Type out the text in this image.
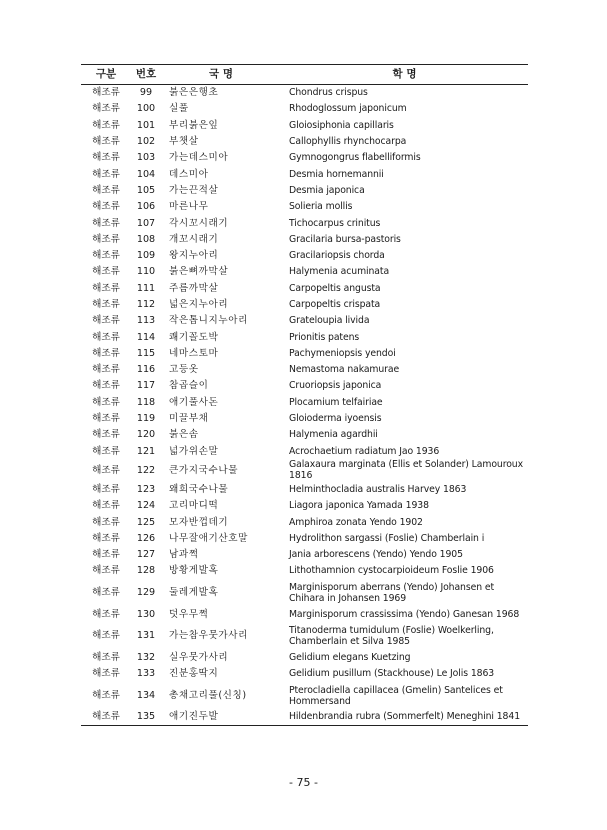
구분	번호	국 명	학 명
해조류	99	붉은은행초	Chondrus crispus
해조류	100	실풀	Rhodoglossum japonicum
해조류	101	부리붉은잎	Gloiosiphonia capillaris
해조류	102	부챗살	Callophyllis rhynchocarpa
해조류	103	가는데스미아	Gymnogongrus flabelliformis
해조류	104	데스미아	Desmia hornemannii
해조류	105	가는끈적살	Desmia japonica
해조류	106	마른나무	Solieria mollis
해조류	107	각시꼬시래기	Tichocarpus crinitus
해조류	108	개꼬시래기	Gracilaria bursa-pastoris
해조류	109	왕지누아리	Gracilariopsis chorda
해조류	110	붉은뼈까막살	Halymenia acuminata
해조류	111	주름까막살	Carpopeltis angusta
해조류	112	넓은지누아리	Carpopeltis crispata
해조류	113	작은톱니지누아리	Grateloupia livida
해조류	114	쾌기꼴도박	Prionitis patens
해조류	115	네마스토마	Pachymeniopsis yendoi
해조류	116	고등옷	Nemastoma nakamurae
해조류	117	참곱슬이	Cruoriopsis japonica
해조류	118	애기풀사돈	Plocamium telfairiae
해조류	119	미끌부채	Gloioderma iyoensis
해조류	120	붉은솜	Halymenia agardhii
해조류	121	넓가위손말	Acrochaetium radiatum Jao 1936
해조류	122	큰가지국수나물	Galaxaura marginata (Ellis et Solander) Lamouroux 1816
해조류	123	왜희국수나물	Helminthocladia australis Harvey 1863
해조류	124	고리마디떡	Liagora japonica Yamada 1938
해조류	125	모자반껍데기	Amphiroa zonata Yendo 1902
해조류	126	나무잘애기산호말	Hydrolithon sargassi (Foslie) Chamberlain i
해조류	127	남과쩍	Jania arborescens (Yendo) Yendo 1905
해조류	128	방황게발혹	Lithothamnion cystocarpioideum Foslie 1906
해조류	129	둘레게발혹	Marginisporum aberrans (Yendo) Johansen et Chihara in Johansen 1969
해조류	130	덧우무쩍	Marginisporum crassissima (Yendo) Ganesan 1968
해조류	131	가는참우뭇가사리	Titanoderma tumidulum (Foslie) Woelkerling, Chamberlain et Silva 1985
해조류	132	실우뭇가사리	Gelidium elegans Kuetzing
해조류	133	진분홍딱지	Gelidium pusillum (Stackhouse) Le Jolis 1863
해조류	134	총채고리풀(신칭)	Pterocladiella capillacea (Gmelin) Santelices et Hommersand
해조류	135	애기진두발	Hildenbrandia rubra (Sommerfelt) Meneghini 1841
- 75 -
